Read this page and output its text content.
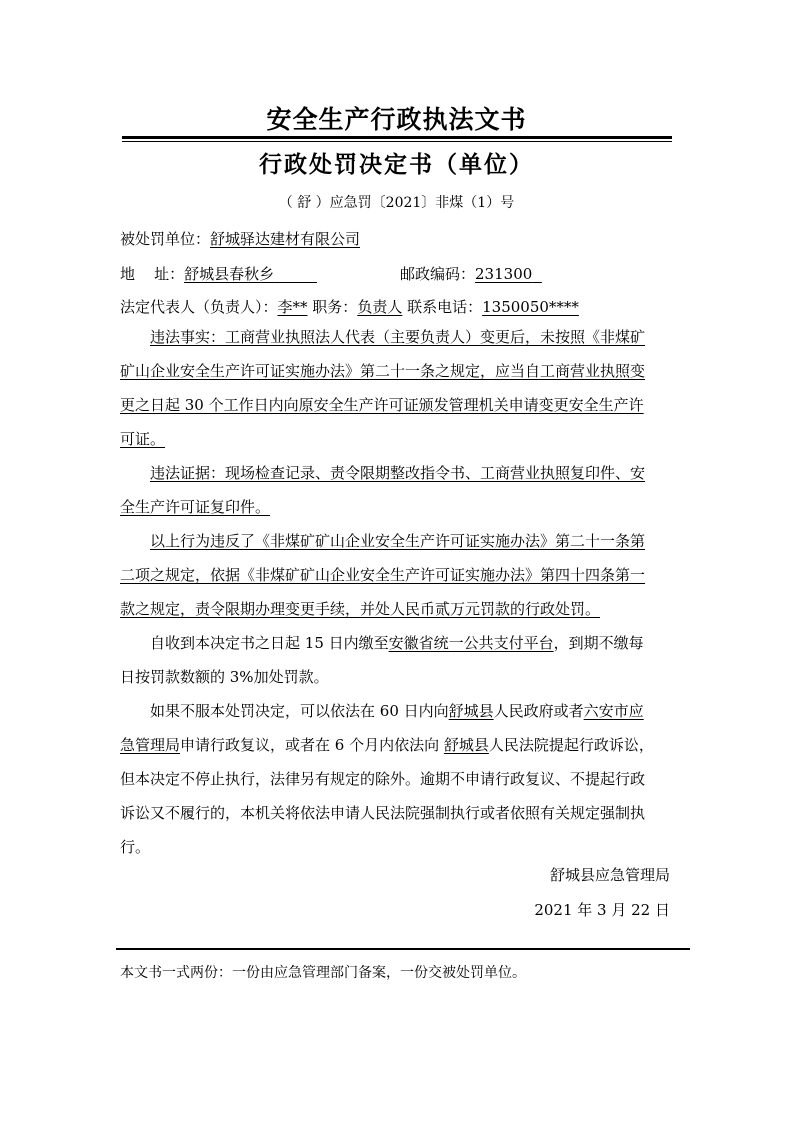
安全生产行政执法文书
行政处罚决定书（单位）
（ 舒 ）应急罚〔2021〕非煤（1）号
被处罚单位：舒城驿达建材有限公司
地    址：舒城县春秋乡	邮政编码：231300
法定代表人（负责人）：李** 职务：负责人 联系电话：1350050****
违法事实：工商营业执照法人代表（主要负责人）变更后，未按照《非煤矿
矿山企业安全生产许可证实施办法》第二十一条之规定，应当自工商营业执照变
更之日起 30 个工作日内向原安全生产许可证颁发管理机关申请变更安全生产许
可证。
违法证据：现场检查记录、责令限期整改指令书、工商营业执照复印件、安
全生产许可证复印件。
以上行为违反了《非煤矿矿山企业安全生产许可证实施办法》第二十一条第
二项之规定，依据《非煤矿矿山企业安全生产许可证实施办法》第四十四条第一
款之规定，责令限期办理变更手续，并处人民币贰万元罚款的行政处罚。
自收到本决定书之日起 15 日内缴至安徽省统一公共支付平台，到期不缴每
日按罚款数额的 3%加处罚款。
如果不服本处罚决定，可以依法在 60 日内向舒城县人民政府或者六安市应
急管理局申请行政复议，或者在 6 个月内依法向 舒城县人民法院提起行政诉讼，
但本决定不停止执行，法律另有规定的除外。逾期不申请行政复议、不提起行政
诉讼又不履行的，本机关将依法申请人民法院强制执行或者依照有关规定强制执
行。
舒城县应急管理局
2021 年 3 月 22 日
本文书一式两份：一份由应急管理部门备案，一份交被处罚单位。
